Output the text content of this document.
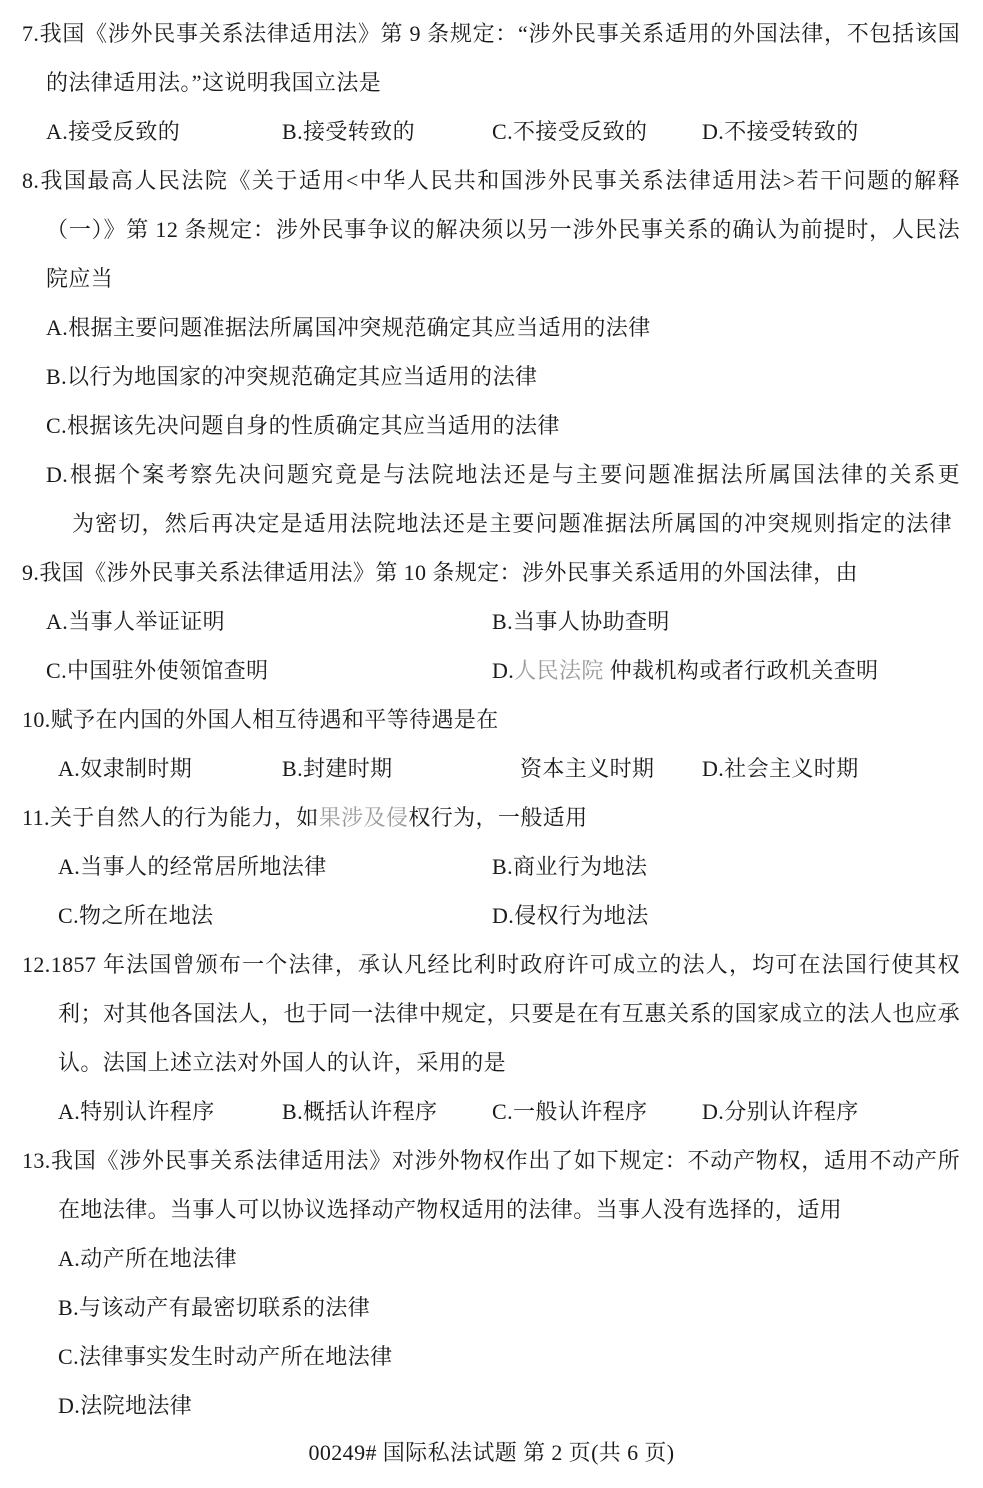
7.我国《涉外民事关系法律适用法》第 9 条规定：“涉外民事关系适用的外国法律，不包括该国
的法律适用法。”这说明我国立法是
A.接受反致的	B.接受转致的	C.不接受反致的 D.不接受转致的
8.我国最高人民法院《关于适用<中华人民共和国涉外民事关系法律适用法>若干问题的解释
（一）》第 12 条规定：涉外民事争议的解决须以另一涉外民事关系的确认为前提时，人民法
院应当
A.根据主要问题准据法所属国冲突规范确定其应当适用的法律
B.以行为地国家的冲突规范确定其应当适用的法律
C.根据该先决问题自身的性质确定其应当适用的法律
D.根据个案考察先决问题究竟是与法院地法还是与主要问题准据法所属国法律的关系更
为密切，然后再决定是适用法院地法还是主要问题准据法所属国的冲突规则指定的法律
9.我国《涉外民事关系法律适用法》第 10 条规定：涉外民事关系适用的外国法律，由
A.当事人举证证明	B.当事人协助查明
C.中国驻外使领馆查明	D.人民法院 仲裁机构或者行政机关查明
10.赋予在内国的外国人相互待遇和平等待遇是在
A.奴隶制时期	B.封建时期	资本主义时期 D.社会主义时期
11.关于自然人的行为能力，如果涉及侵权行为，一般适用
A.当事人的经常居所地法律	B.商业行为地法
C.物之所在地法	D.侵权行为地法
12.1857 年法国曾颁布一个法律，承认凡经比利时政府许可成立的法人，均可在法国行使其权
利；对其他各国法人，也于同一法律中规定，只要是在有互惠关系的国家成立的法人也应承
认。法国上述立法对外国人的认许，采用的是
A.特别认许程序	B.概括认许程序 C.一般认许程序 D.分别认许程序
13.我国《涉外民事关系法律适用法》对涉外物权作出了如下规定：不动产物权，适用不动产所
在地法律。当事人可以协议选择动产物权适用的法律。当事人没有选择的，适用
A.动产所在地法律
B.与该动产有最密切联系的法律
C.法律事实发生时动产所在地法律
D.法院地法律
00249# 国际私法试题 第 2 页(共 6 页)
